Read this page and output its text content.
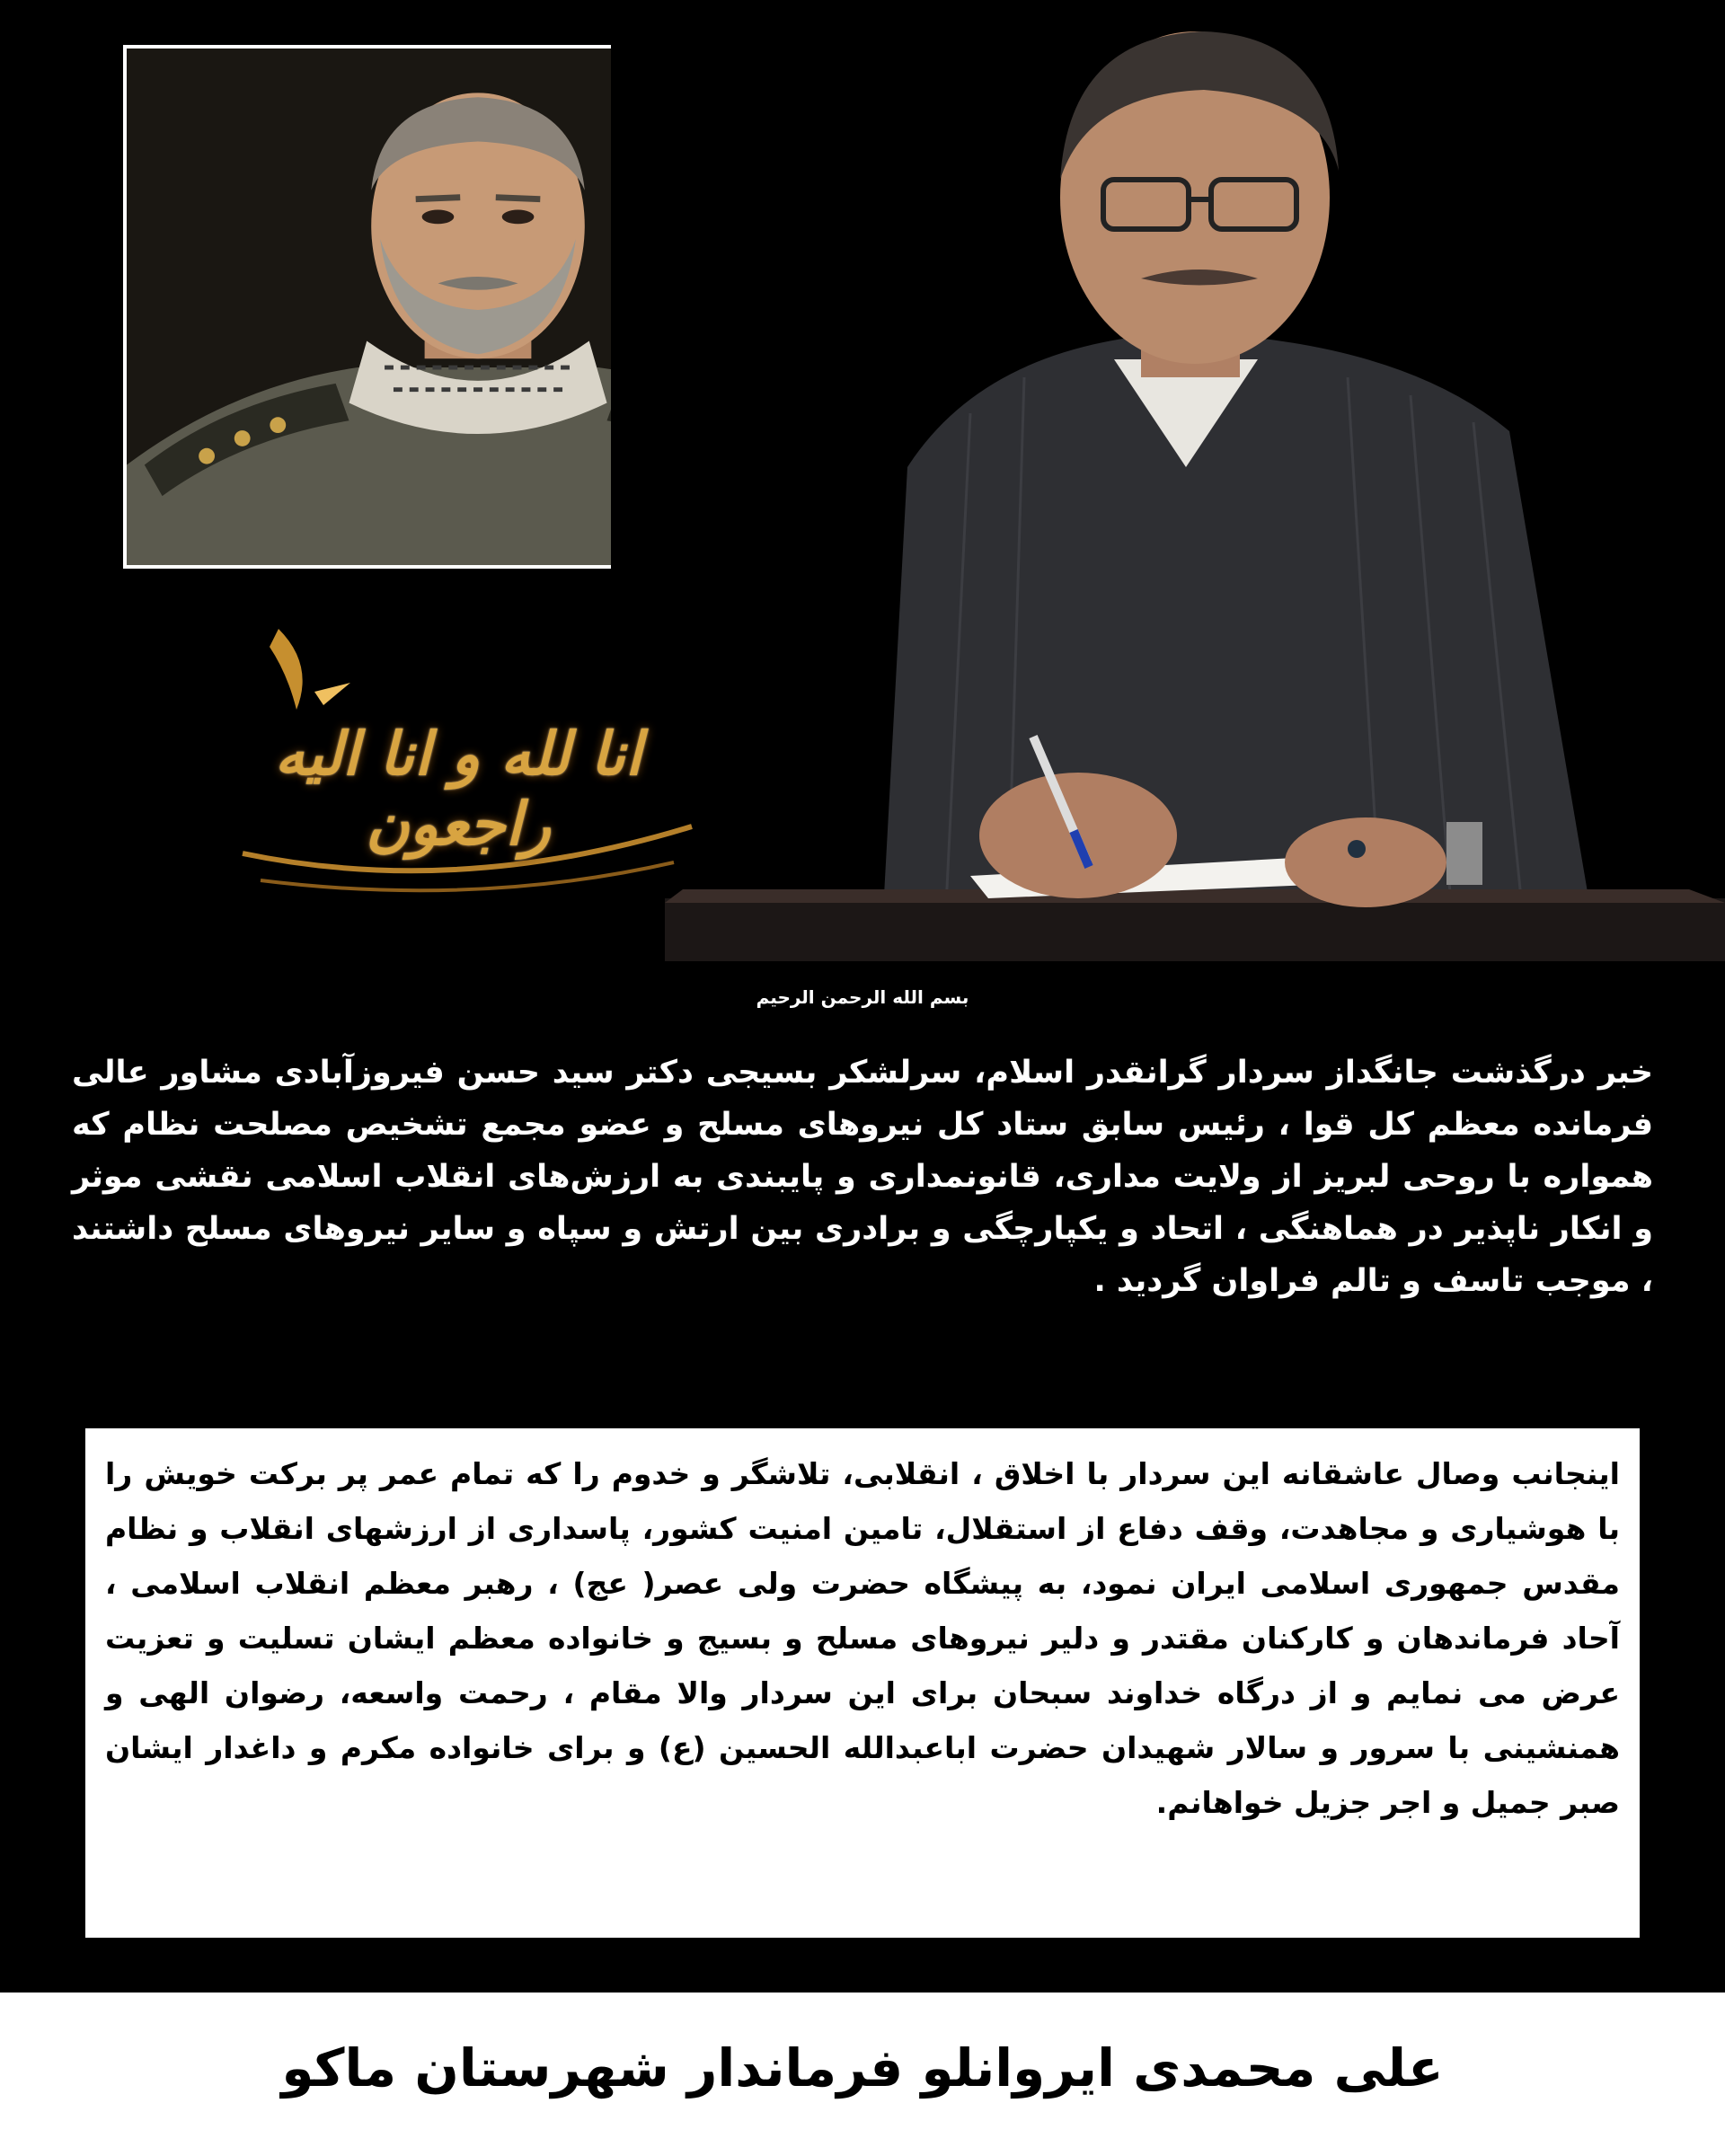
انا لله و انا الیه راجعون
بسم الله الرحمن الرحیم
خبر درگذشت جانگداز سردار گرانقدر اسلام، سرلشکر بسیجی دکتر سید حسن فیروزآبادی مشاور عالی فرمانده معظم کل قوا ، رئیس سابق ستاد کل نیروهای مسلح و عضو مجمع تشخیص مصلحت نظام که همواره با روحی لبریز از ولایت مداری، قانونمداری و پایبندی به ارزش‌های انقلاب اسلامی نقشی موثر و انکار ناپذیر در هماهنگی ، اتحاد و یکپارچگی و برادری بین ارتش و سپاه و سایر نیروهای مسلح داشتند ، موجب تاسف و تالم فراوان گردید .
اینجانب وصال عاشقانه این سردار با اخلاق ، انقلابی، تلاشگر و خدوم را که تمام عمر پر برکت خویش را با هوشیاری و مجاهدت، وقف دفاع از استقلال، تامین امنیت کشور، پاسداری از ارزشهای انقلاب و نظام مقدس جمهوری اسلامی ایران نمود، به پیشگاه حضرت ولی عصر( عج) ، رهبر معظم انقلاب اسلامی ، آحاد فرماندهان و کارکنان مقتدر و دلیر نیروهای مسلح و بسیج و خانواده معظم ایشان تسلیت و تعزیت عرض می نمایم و از درگاه خداوند سبحان برای این سردار والا مقام ، رحمت واسعه، رضوان الهی و همنشینی با سرور و سالار شهیدان حضرت اباعبدالله الحسین (ع) و برای خانواده مکرم و داغدار ایشان صبر جمیل و اجر جزیل خواهانم.
علی محمدی ایروانلو فرماندار شهرستان ماکو
